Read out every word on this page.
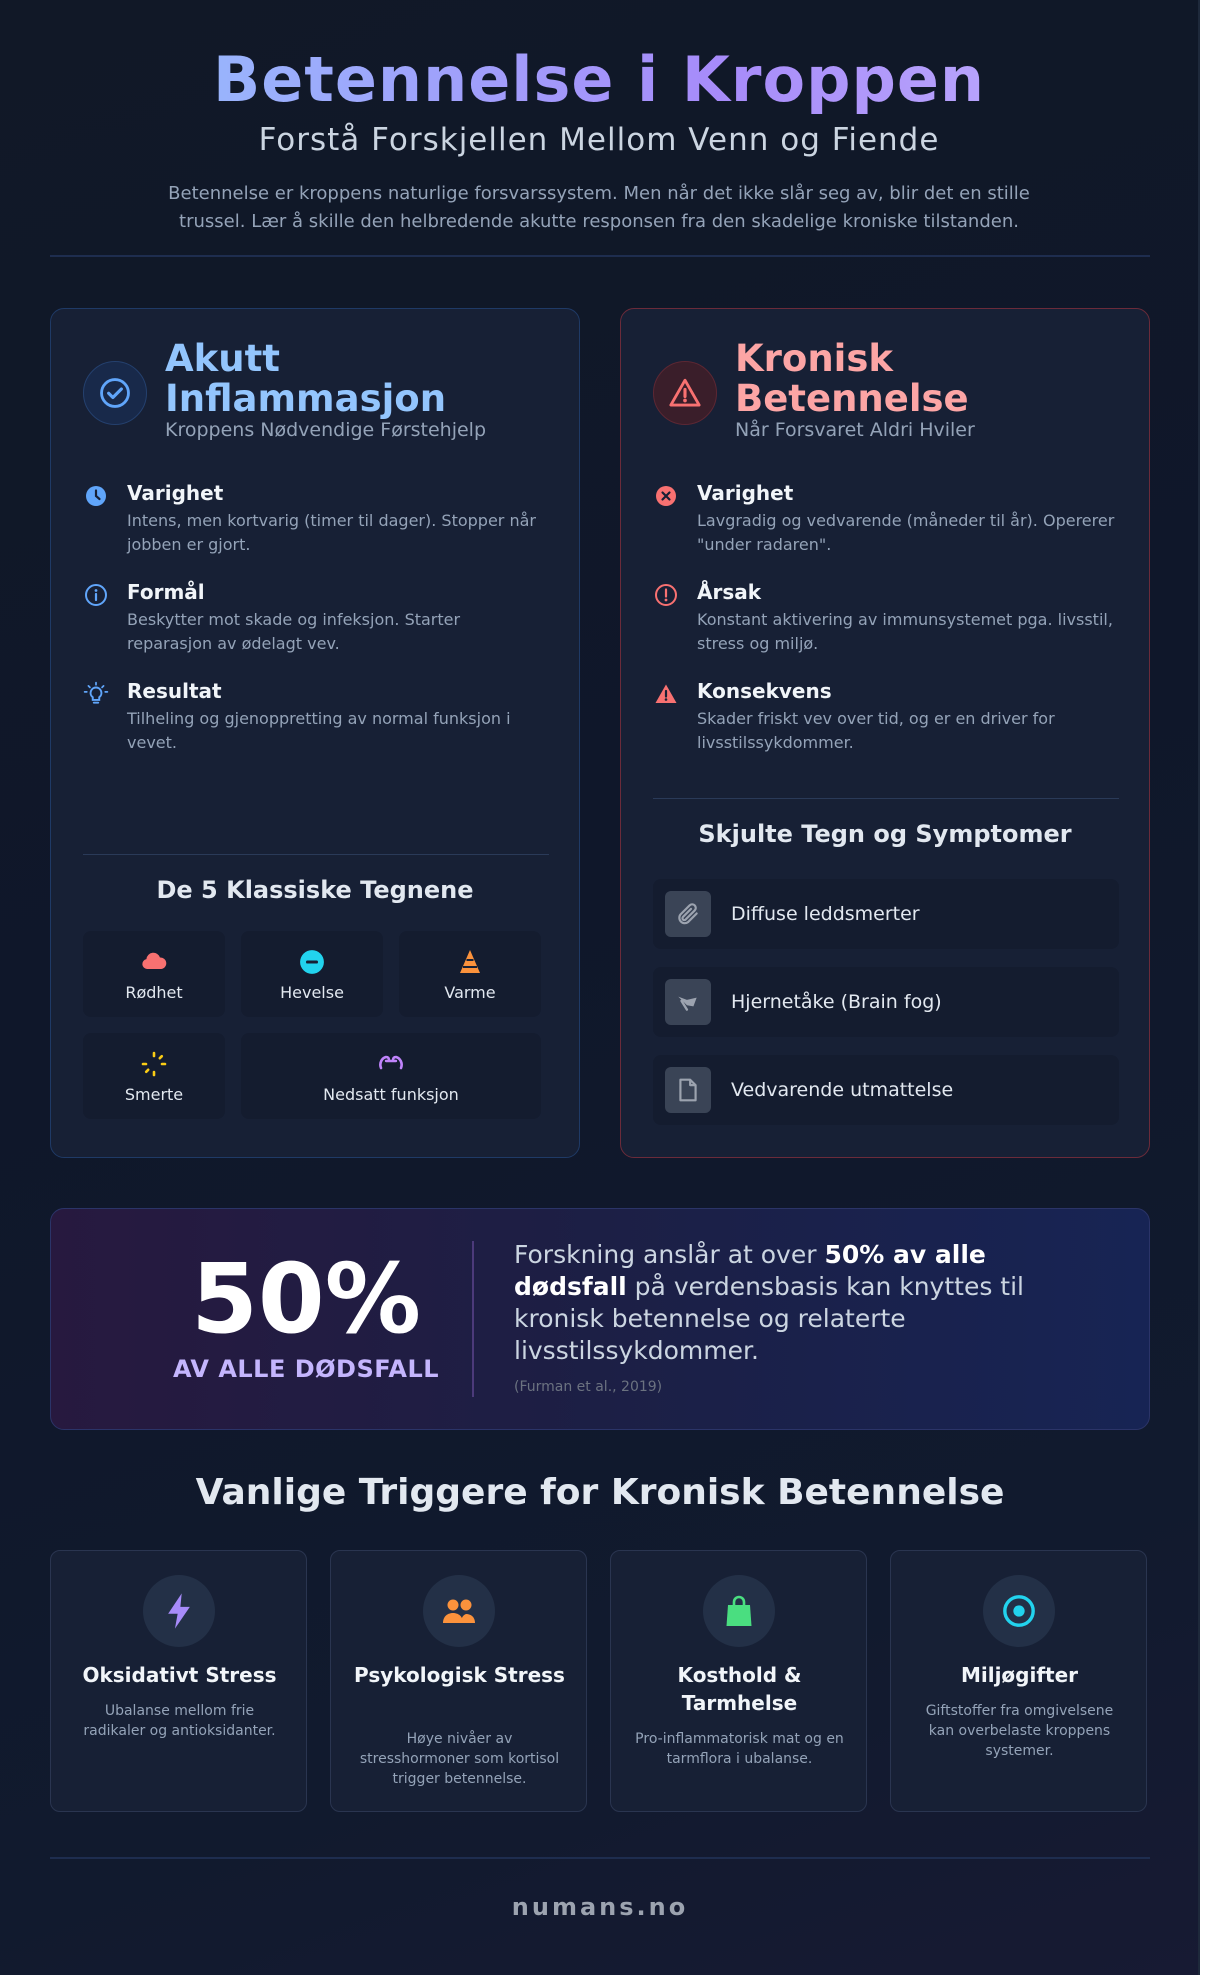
Betennelse i Kroppen
Forstå Forskjellen Mellom Venn og Fiende
Betennelse er kroppens naturlige forsvarssystem. Men når det ikke slår seg av, blir det en stille trussel. Lær å skille den helbredende akutte responsen fra den skadelige kroniske tilstanden.
Akutt Inflammasjon
Kroppens Nødvendige Førstehjelp
Varighet
Intens, men kortvarig (timer til dager). Stopper når jobben er gjort.
Formål
Beskytter mot skade og infeksjon. Starter reparasjon av ødelagt vev.
Resultat
Tilheling og gjenoppretting av normal funksjon i vevet.
De 5 Klassiske Tegnene
Rødhet	Hevelse	Varme
Smerte	Nedsatt funksjon
Kronisk Betennelse
Når Forsvaret Aldri Hviler
Varighet
Lavgradig og vedvarende (måneder til år). Opererer "under radaren".
Årsak
Konstant aktivering av immunsystemet pga. livsstil, stress og miljø.
Konsekvens
Skader friskt vev over tid, og er en driver for livsstilssykdommer.
Skjulte Tegn og Symptomer
Diffuse leddsmerter
Hjernetåke (Brain fog)
Vedvarende utmattelse
50%
AV ALLE DØDSFALL
Forskning anslår at over 50% av alle dødsfall på verdensbasis kan knyttes til kronisk betennelse og relaterte livsstilssykdommer.
(Furman et al., 2019)
Vanlige Triggere for Kronisk Betennelse
Oksidativt Stress
Ubalanse mellom frie radikaler og antioksidanter.
Psykologisk Stress
Høye nivåer av stresshormoner som kortisol trigger betennelse.
Kosthold & Tarmhelse
Pro-inflammatorisk mat og en tarmflora i ubalanse.
Miljøgifter
Giftstoffer fra omgivelsene kan overbelaste kroppens systemer.
numans.no
